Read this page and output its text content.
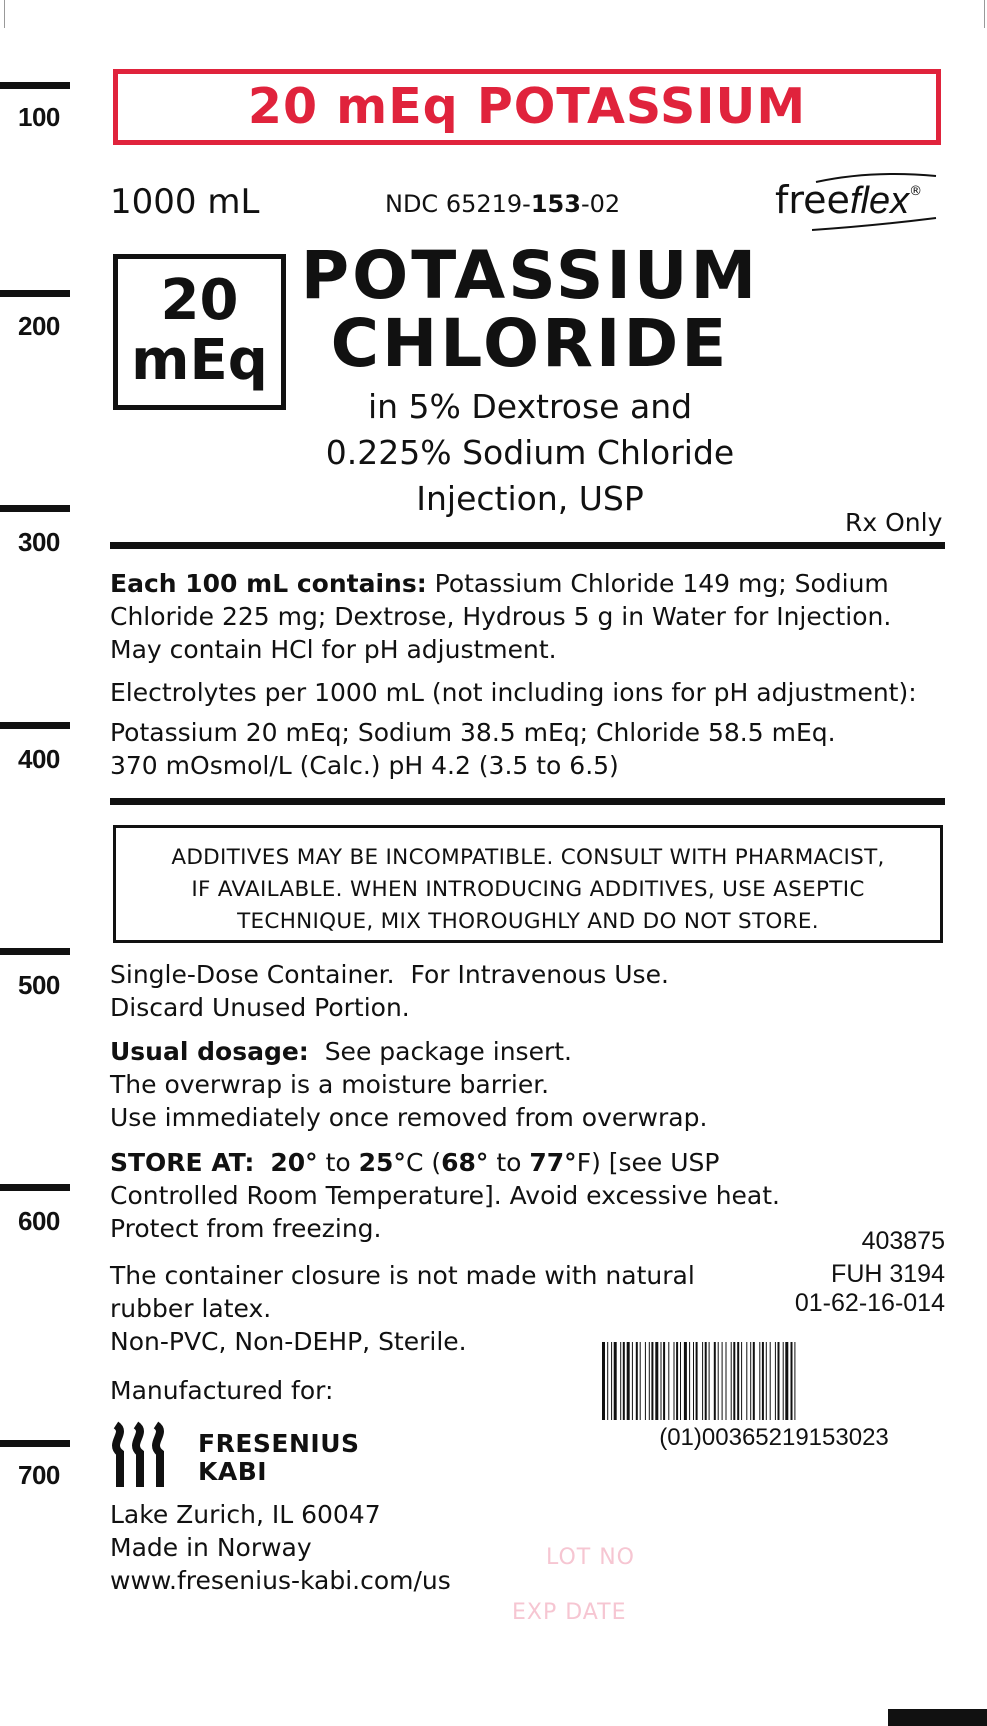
100
200
300
400
500
600
700
20 mEq POTASSIUM
1000 mL	NDC 65219-153-02	freeflex®
20
mEq
POTASSIUM
CHLORIDE
in 5% Dextrose and
0.225% Sodium Chloride
Injection, USP
Rx Only
Each 100 mL contains: Potassium Chloride 149 mg; Sodium
Chloride 225 mg; Dextrose, Hydrous 5 g in Water for Injection.
May contain HCl for pH adjustment.
Electrolytes per 1000 mL (not including ions for pH adjustment):
Potassium 20 mEq; Sodium 38.5 mEq; Chloride 58.5 mEq.
370 mOsmol/L (Calc.) pH 4.2 (3.5 to 6.5)
ADDITIVES MAY BE INCOMPATIBLE. CONSULT WITH PHARMACIST,
IF AVAILABLE. WHEN INTRODUCING ADDITIVES, USE ASEPTIC
TECHNIQUE, MIX THOROUGHLY AND DO NOT STORE.
Single-Dose Container.  For Intravenous Use.
Discard Unused Portion.
Usual dosage:  See package insert.
The overwrap is a moisture barrier.
Use immediately once removed from overwrap.
STORE AT: 20° to 25°C (68° to 77°F) [see USP
Controlled Room Temperature]. Avoid excessive heat.
Protect from freezing.
The container closure is not made with natural
rubber latex.
Non-PVC, Non-DEHP, Sterile.
403875
FUH 3194
01-62-16-014
(01)00365219153023
Manufactured for:
FRESENIUS
KABI
Lake Zurich, IL 60047
Made in Norway
www.fresenius-kabi.com/us
LOT NO
EXP DATE
